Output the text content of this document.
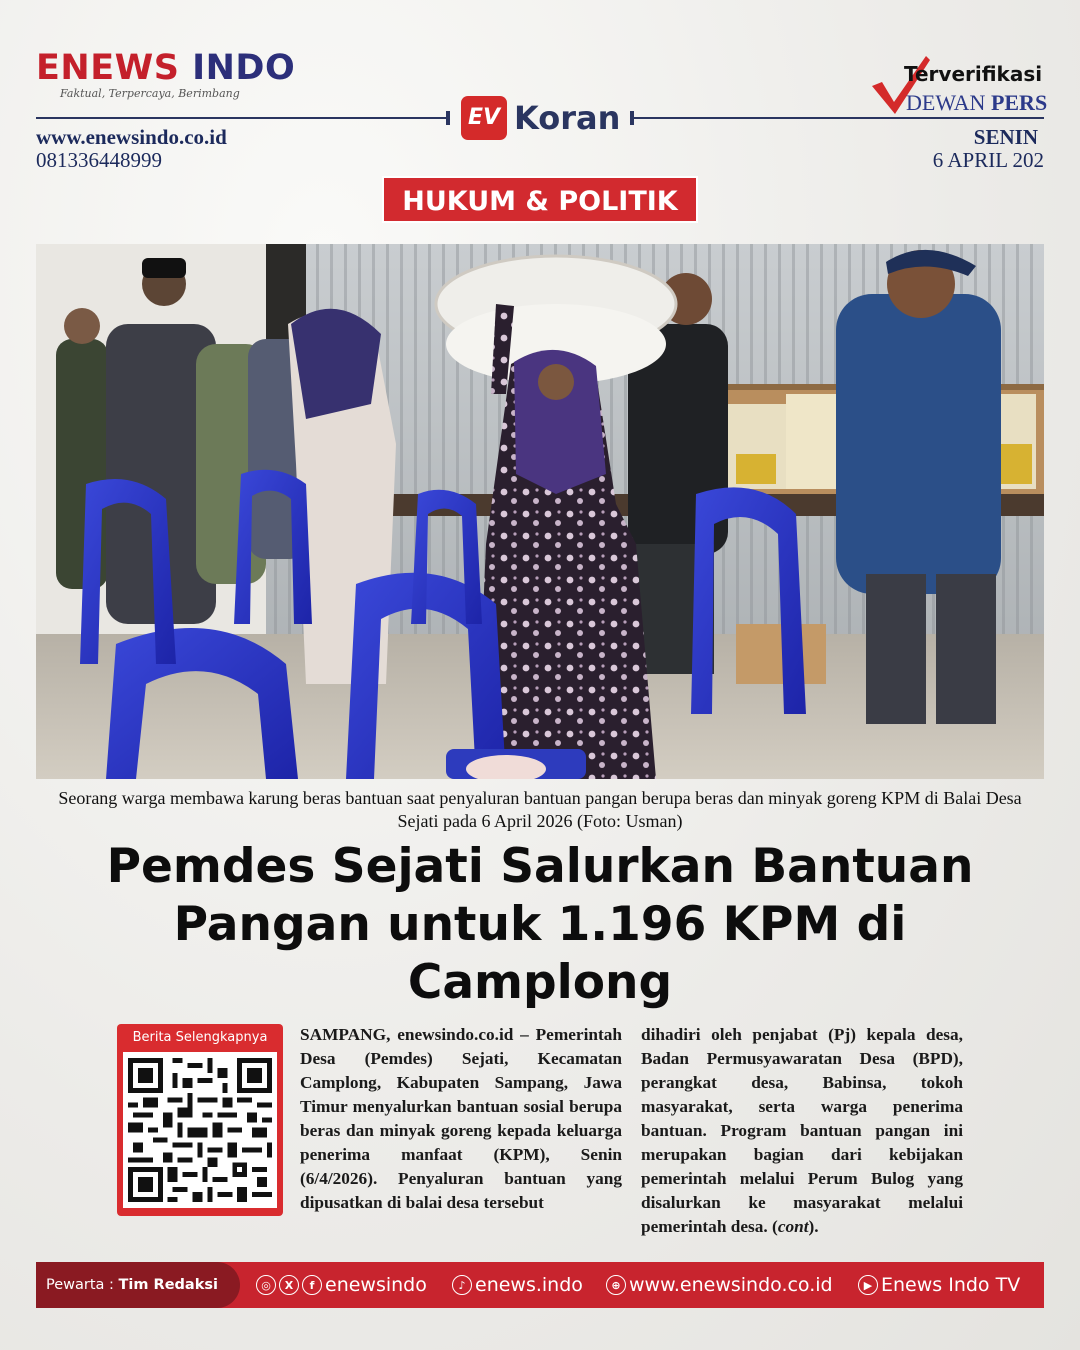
ENEWS INDO
Faktual, Terpercaya, Berimbang
EV Koran
Terverifikasi
DEWAN PERS
www.enewsindo.co.id
081336448999
SENIN
6 APRIL 202
HUKUM & POLITIK
Seorang warga membawa karung beras bantuan saat penyaluran bantuan pangan berupa beras dan minyak goreng KPM di Balai Desa Sejati pada 6 April 2026 (Foto: Usman)
Pemdes Sejati Salurkan Bantuan Pangan untuk 1.196 KPM di Camplong
Berita Selengkapnya	SAMPANG, enewsindo.co.id – Pemerintah Desa (Pemdes) Sejati, Kecamatan Camplong, Kabupaten Sampang, Jawa Timur menyalurkan bantuan sosial berupa beras dan minyak goreng kepada keluarga penerima manfaat (KPM), Senin (6/4/2026). Penyaluran bantuan yang dipusatkan di balai desa tersebut
dihadiri oleh penjabat (Pj) kepala desa, Badan Permusyawaratan Desa (BPD), perangkat desa, Babinsa, tokoh masyarakat, serta warga penerima bantuan. Program bantuan pangan ini merupakan bagian dari kebijakan pemerintah melalui Perum Bulog yang disalurkan ke masyarakat melalui pemerintah desa. (cont).
Pewarta : Tim Redaksi	◎	X	f enewsindo	♪ enews.indo	⊕ www.enewsindo.co.id	▶ Enews Indo TV
